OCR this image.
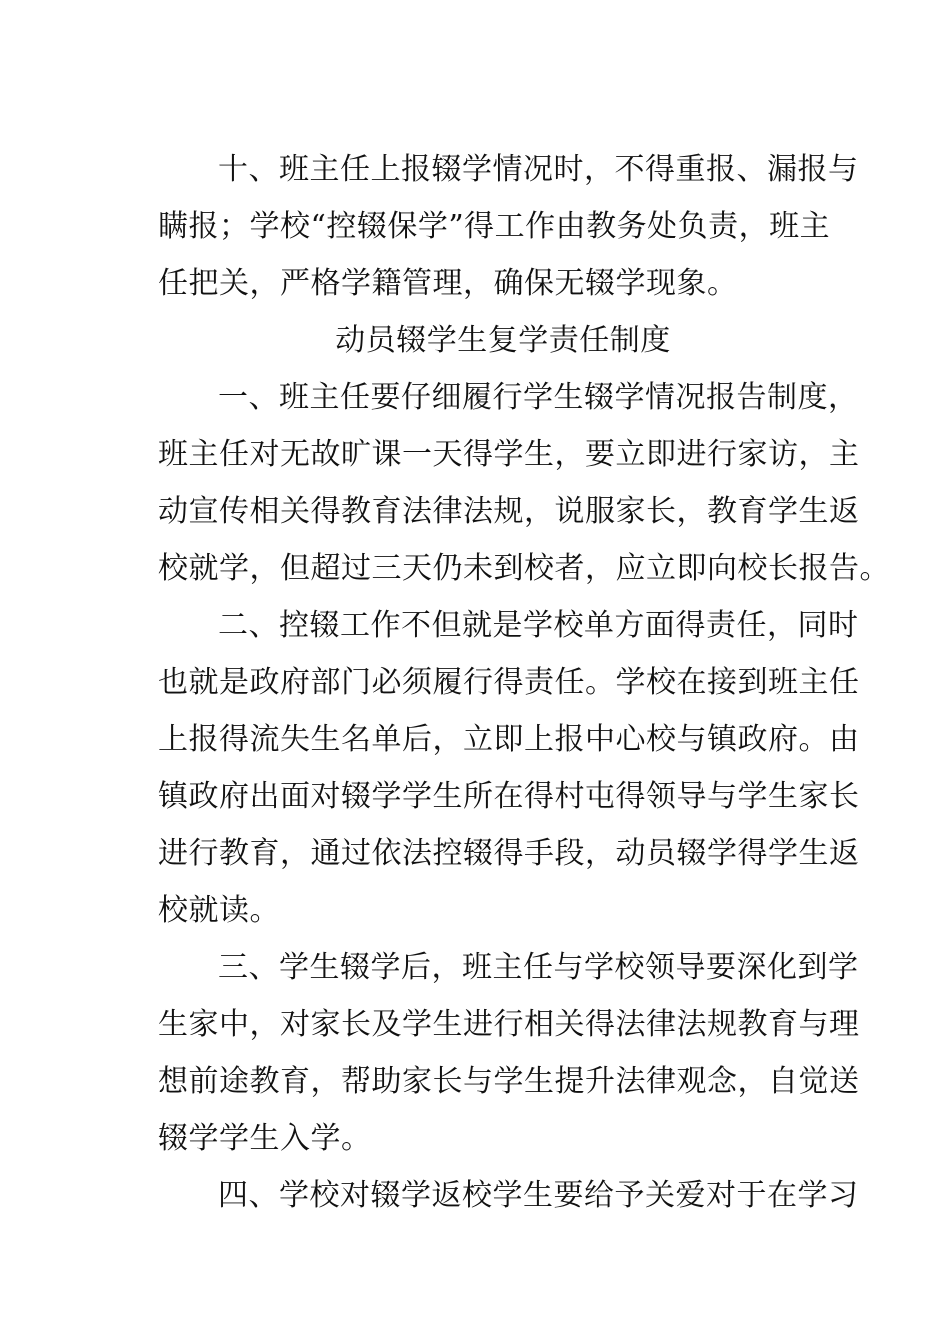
十、班主任上报辍学情况时，不得重报、漏报与
瞒报；学校“控辍保学”得工作由教务处负责，班主
任把关，严格学籍管理，确保无辍学现象。
动员辍学生复学责任制度
一、班主任要仔细履行学生辍学情况报告制度，
班主任对无故旷课一天得学生，要立即进行家访，主
动宣传相关得教育法律法规，说服家长，教育学生返
校就学，但超过三天仍未到校者，应立即向校长报告。
二、控辍工作不但就是学校单方面得责任，同时
也就是政府部门必须履行得责任。学校在接到班主任
上报得流失生名单后，立即上报中心校与镇政府。由
镇政府出面对辍学学生所在得村屯得领导与学生家长
进行教育，通过依法控辍得手段，动员辍学得学生返
校就读。
三、学生辍学后，班主任与学校领导要深化到学
生家中，对家长及学生进行相关得法律法规教育与理
想前途教育，帮助家长与学生提升法律观念，自觉送
辍学学生入学。
四、学校对辍学返校学生要给予关爱对于在学习
